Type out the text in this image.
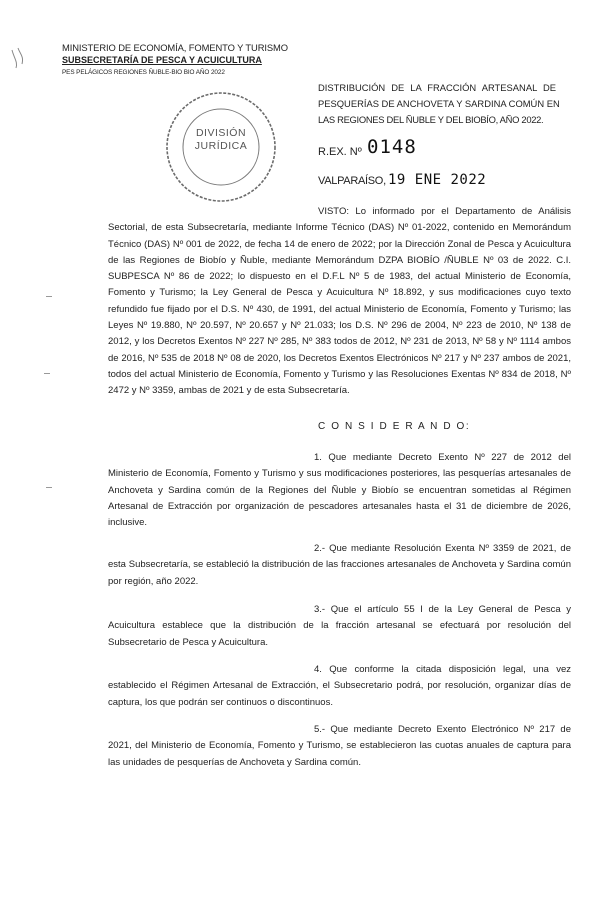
MINISTERIO DE ECONOMÍA, FOMENTO Y TURISMO
SUBSECRETARÍA DE PESCA Y ACUICULTURA
PES PELÁGICOS REGIONES ÑUBLE-BIO BIO AÑO 2022
DIVISIÓN
JURÍDICA
DISTRIBUCIÓN DE LA FRACCIÓN ARTESANAL DE
PESQUERÍAS DE ANCHOVETA Y SARDINA COMÚN EN
LAS REGIONES DEL ÑUBLE Y DEL BIOBÍO, AÑO 2022.
R.EX. Nº 0148
VALPARAÍSO, 19 ENE 2022

VISTO: Lo informado por el Departamento de Análisis Sectorial, de esta Subsecretaría, mediante Informe Técnico (DAS) Nº 01-2022, contenido en Memorándum Técnico (DAS) Nº 001 de 2022, de fecha 14 de enero de 2022; por la Dirección Zonal de Pesca y Acuicultura de las Regiones de Biobío y Ñuble, mediante Memorándum DZPA BIOBÍO /ÑUBLE Nº 03 de 2022. C.I. SUBPESCA Nº 86 de 2022; lo dispuesto en el D.F.L Nº 5 de 1983, del actual Ministerio de Economía, Fomento y Turismo; la Ley General de Pesca y Acuicultura Nº 18.892, y sus modificaciones cuyo texto refundido fue fijado por el D.S. Nº 430, de 1991, del actual Ministerio de Economía, Fomento y Turismo; las Leyes Nº 19.880, Nº 20.597, Nº 20.657 y Nº 21.033; los D.S. Nº 296 de 2004, Nº 223 de 2010, Nº 138 de 2012, y los Decretos Exentos Nº 227 Nº 285, Nº 383 todos de 2012, Nº 231 de 2013, Nº 58 y Nº 1114 ambos de 2016, Nº 535 de 2018 Nº 08 de 2020, los Decretos Exentos Electrónicos Nº 217 y Nº 237 ambos de 2021, todos del actual Ministerio de Economía, Fomento y Turismo y las Resoluciones Exentas Nº 834 de 2018, Nº 2472 y Nº 3359, ambas de 2021 y de esta Subsecretaría.

C O N S I D E R A N D O:

1. Que mediante Decreto Exento Nº 227 de 2012 del Ministerio de Economía, Fomento y Turismo y sus modificaciones posteriores, las pesquerías artesanales de Anchoveta y Sardina común de la Regiones del Ñuble y Biobío se encuentran sometidas al Régimen Artesanal de Extracción por organización de pescadores artesanales hasta el 31 de diciembre de 2026, inclusive.

2.- Que mediante Resolución Exenta Nº 3359 de 2021, de esta Subsecretaría, se estableció la distribución de las fracciones artesanales de Anchoveta y Sardina común por región, año 2022.

3.- Que el artículo 55 I de la Ley General de Pesca y Acuicultura establece que la distribución de la fracción artesanal se efectuará por resolución del Subsecretario de Pesca y Acuicultura.

4. Que conforme la citada disposición legal, una vez establecido el Régimen Artesanal de Extracción, el Subsecretario podrá, por resolución, organizar días de captura, los que podrán ser continuos o discontinuos.

5.- Que mediante Decreto Exento Electrónico Nº 217 de 2021, del Ministerio de Economía, Fomento y Turismo, se establecieron las cuotas anuales de captura para las unidades de pesquerías de Anchoveta y Sardina común.
